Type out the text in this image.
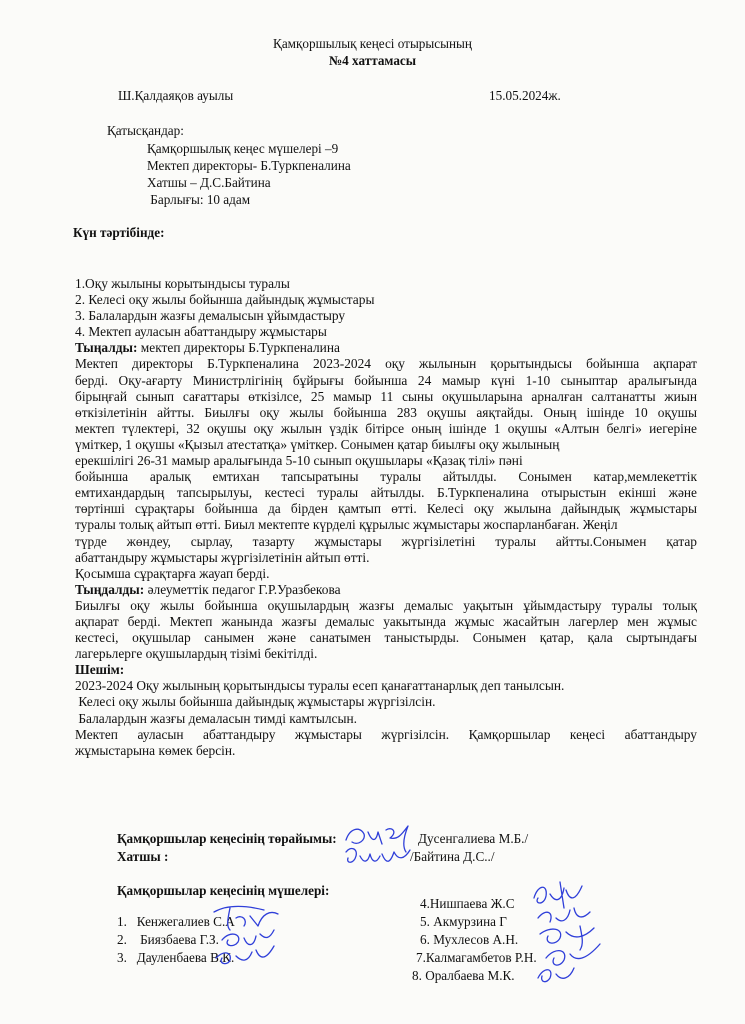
Қамқоршылық кеңесі отырысының
№4 хаттамасы
Ш.Қалдаяқов ауылы	15.05.2024ж.
Қатысқандар:
Қамқоршылық кеңес мүшелері –9
Мектеп директоры- Б.Туркпеналина
Хатшы – Д.С.Байтина
Барлығы: 10 адам
Күн тәртібінде:

1.Оқу жылыны корытындысы туралы

2. Келесі оқу жылы бойынша дайындық жұмыстары

3. Балалардын жазғы демалысын ұйымдастыру

4. Мектеп ауласын абаттандыру жұмыстары

Тыңалды: мектеп директоры Б.Туркпеналина

Мектеп директоры Б.Туркпеналина 2023-2024 оқу жылынын қорытындысы бойынша ақпарат

берді. Оқу-ағарту Министрлігінің бұйрығы бойынша 24 мамыр күні 1-10 сыныптар аралығында

бірыңғай сынып сағаттары өткізілсе, 25 мамыр 11 сыны оқушыларына арналған салтанатты жиын

өткізілетінін айтты. Биылғы оқу жылы бойынша 283 оқушы аяқтайды. Оның ішінде 10 оқушы

мектеп түлектері, 32 оқушы оқу жылын үздік бітірсе оның ішінде 1 оқушы «Алтын белгі» иегеріне

үміткер, 1 оқушы «Қызыл атестатқа» үміткер. Сонымен қатар биылғы оқу жылының

ерекшілігі 26-31 мамыр аралығында 5-10 сынып оқушылары «Қазақ тілі» пәні

бойынша аралық емтихан тапсыратыны туралы айтылды. Сонымен катар,мемлекеттік

емтихандардың тапсырылуы, кестесі туралы айтылды. Б.Туркпеналина отырыстын екінші және

төртінші сұрақтары бойынша да бірден қамтып өтті. Келесі оқу жылына дайындық жұмыстары

туралы толық айтып өтті. Биыл мектепте күрделі құрылыс жұмыстары жоспарланбаған. Жеңіл

түрде жөндеу, сырлау, тазарту жұмыстары жүргізілетіні туралы айтты.Сонымен қатар

абаттандыру жұмыстары жүргізілетінін айтып өтті.

Қосымша сұрақтарға жауап берді.

Тыңдалды: әлеуметтік педагог Г.Р.Уразбекова

Биылғы оқу жылы бойынша оқушылардың жазғы демалыс уақытын ұйымдастыру туралы толық

ақпарат берді. Мектеп жанында жазғы демалыс уакытында жұмыс жасайтын лагерлер мен жұмыс

кестесі, оқушылар санымен және санатымен таныстырды. Сонымен қатар, қала сыртындағы

лагерьлерге оқушылардың тізімі бекітілді.

Шешім:

2023-2024 Оқу жылының қорытындысы туралы есеп қанағаттанарлық деп танылсын.

Келесі оқу жылы бойынша дайындық жұмыстары жүргізілсін.

Балалардын жазғы демаласын тимді камтылсын.

Мектеп ауласын абаттандыру жұмыстары жүргізілсін. Қамқоршылар кеңесі абаттандыру

жұмыстарына көмек берсін.

Қамқоршылар кеңесінің төрайымы:	Дусенгалиева М.Б./
Хатшы :	/Байтина Д.С../
Қамқоршылар кеңесінің мүшелері:
1.   Кенжегалиев С.А
2.    Биязбаева Г.З.
3.   Дауленбаева В.К.
4.Нишпаева Ж.С
5. Акмурзина Г
6. Мухлесов А.Н.
7.Калмагамбетов Р.Н.
8. Оралбаева М.К.
